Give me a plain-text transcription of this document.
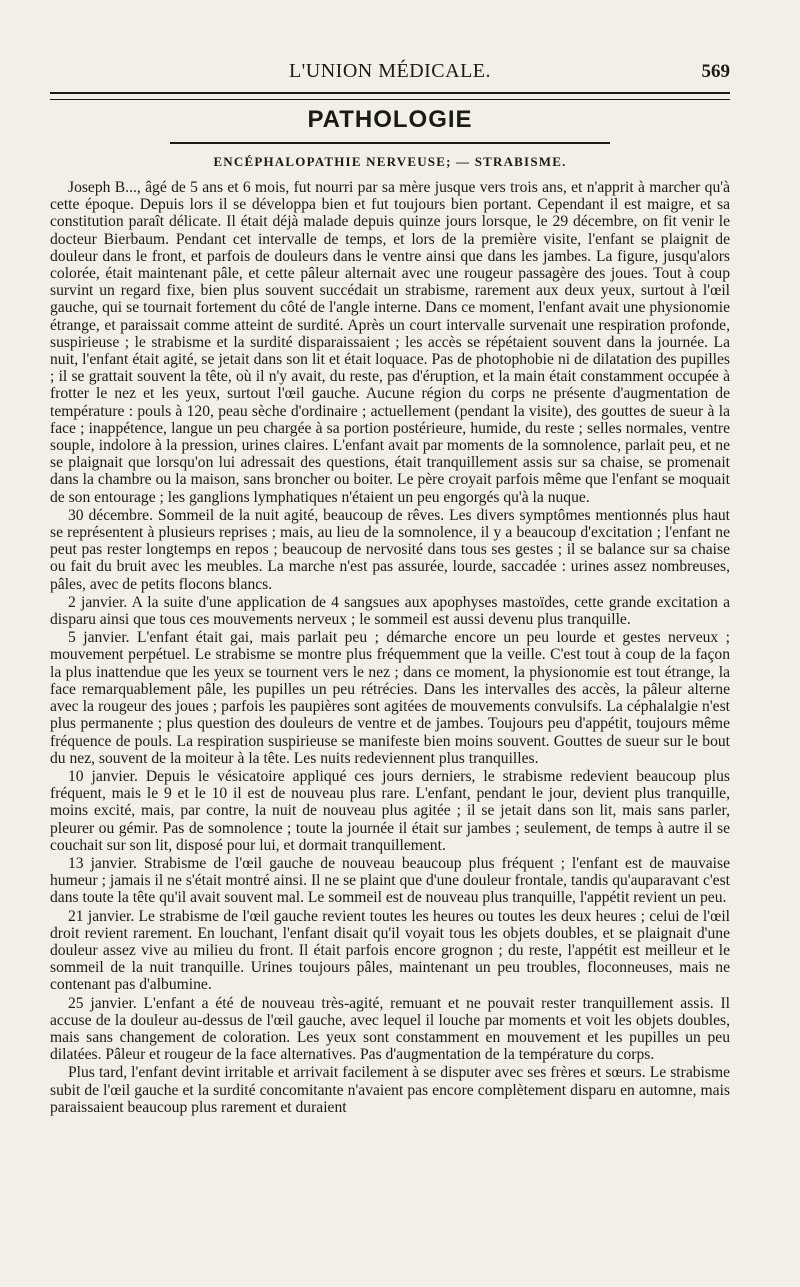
L'UNION MÉDICALE.	569
PATHOLOGIE
ENCÉPHALOPATHIE NERVEUSE; — STRABISME.

Joseph B..., âgé de 5 ans et 6 mois, fut nourri par sa mère jusque vers trois ans, et n'apprit à marcher qu'à cette époque. Depuis lors il se développa bien et fut toujours bien portant. Cependant il est maigre, et sa constitution paraît délicate. Il était déjà malade depuis quinze jours lorsque, le 29 décembre, on fit venir le docteur Bierbaum. Pendant cet intervalle de temps, et lors de la première visite, l'enfant se plaignit de douleur dans le front, et parfois de douleurs dans le ventre ainsi que dans les jambes. La figure, jusqu'alors colorée, était maintenant pâle, et cette pâleur alternait avec une rougeur passagère des joues. Tout à coup survint un regard fixe, bien plus souvent succédait un strabisme, rarement aux deux yeux, surtout à l'œil gauche, qui se tournait fortement du côté de l'angle interne. Dans ce moment, l'enfant avait une physionomie étrange, et paraissait comme atteint de surdité. Après un court intervalle survenait une respiration profonde, suspirieuse ; le strabisme et la surdité disparaissaient ; les accès se répétaient souvent dans la journée. La nuit, l'enfant était agité, se jetait dans son lit et était loquace. Pas de photophobie ni de dilatation des pupilles ; il se grattait souvent la tête, où il n'y avait, du reste, pas d'éruption, et la main était constamment occupée à frotter le nez et les yeux, surtout l'œil gauche. Aucune région du corps ne présente d'augmentation de température : pouls à 120, peau sèche d'ordinaire ; actuellement (pendant la visite), des gouttes de sueur à la face ; inappétence, langue un peu chargée à sa portion postérieure, humide, du reste ; selles normales, ventre souple, indolore à la pression, urines claires. L'enfant avait par moments de la somnolence, parlait peu, et ne se plaignait que lorsqu'on lui adressait des questions, était tranquillement assis sur sa chaise, se promenait dans la chambre ou la maison, sans broncher ou boiter. Le père croyait parfois même que l'enfant se moquait de son entourage ; les ganglions lymphatiques n'étaient un peu engorgés qu'à la nuque.

30 décembre. Sommeil de la nuit agité, beaucoup de rêves. Les divers symptômes mentionnés plus haut se représentent à plusieurs reprises ; mais, au lieu de la somnolence, il y a beaucoup d'excitation ; l'enfant ne peut pas rester longtemps en repos ; beaucoup de nervosité dans tous ses gestes ; il se balance sur sa chaise ou fait du bruit avec les meubles. La marche n'est pas assurée, lourde, saccadée : urines assez nombreuses, pâles, avec de petits flocons blancs.

2 janvier. A la suite d'une application de 4 sangsues aux apophyses mastoïdes, cette grande excitation a disparu ainsi que tous ces mouvements nerveux ; le sommeil est aussi devenu plus tranquille.

5 janvier. L'enfant était gai, mais parlait peu ; démarche encore un peu lourde et gestes nerveux ; mouvement perpétuel. Le strabisme se montre plus fréquemment que la veille. C'est tout à coup de la façon la plus inattendue que les yeux se tournent vers le nez ; dans ce moment, la physionomie est tout étrange, la face remarquablement pâle, les pupilles un peu rétrécies. Dans les intervalles des accès, la pâleur alterne avec la rougeur des joues ; parfois les paupières sont agitées de mouvements convulsifs. La céphalalgie n'est plus permanente ; plus question des douleurs de ventre et de jambes. Toujours peu d'appétit, toujours même fréquence de pouls. La respiration suspirieuse se manifeste bien moins souvent. Gouttes de sueur sur le bout du nez, souvent de la moiteur à la tête. Les nuits redeviennent plus tranquilles.

10 janvier. Depuis le vésicatoire appliqué ces jours derniers, le strabisme redevient beaucoup plus fréquent, mais le 9 et le 10 il est de nouveau plus rare. L'enfant, pendant le jour, devient plus tranquille, moins excité, mais, par contre, la nuit de nouveau plus agitée ; il se jetait dans son lit, mais sans parler, pleurer ou gémir. Pas de somnolence ; toute la journée il était sur jambes ; seulement, de temps à autre il se couchait sur son lit, disposé pour lui, et dormait tranquillement.

13 janvier. Strabisme de l'œil gauche de nouveau beaucoup plus fréquent ; l'enfant est de mauvaise humeur ; jamais il ne s'était montré ainsi. Il ne se plaint que d'une douleur frontale, tandis qu'auparavant c'est dans toute la tête qu'il avait souvent mal. Le sommeil est de nouveau plus tranquille, l'appétit revient un peu.

21 janvier. Le strabisme de l'œil gauche revient toutes les heures ou toutes les deux heures ; celui de l'œil droit revient rarement. En louchant, l'enfant disait qu'il voyait tous les objets doubles, et se plaignait d'une douleur assez vive au milieu du front. Il était parfois encore grognon ; du reste, l'appétit est meilleur et le sommeil de la nuit tranquille. Urines toujours pâles, maintenant un peu troubles, floconneuses, mais ne contenant pas d'albumine.

25 janvier. L'enfant a été de nouveau très-agité, remuant et ne pouvait rester tranquillement assis. Il accuse de la douleur au-dessus de l'œil gauche, avec lequel il louche par moments et voit les objets doubles, mais sans changement de coloration. Les yeux sont constamment en mouvement et les pupilles un peu dilatées. Pâleur et rougeur de la face alternatives. Pas d'augmentation de la température du corps.

Plus tard, l'enfant devint irritable et arrivait facilement à se disputer avec ses frères et sœurs. Le strabisme subit de l'œil gauche et la surdité concomitante n'avaient pas encore complètement disparu en automne, mais paraissaient beaucoup plus rarement et duraient
